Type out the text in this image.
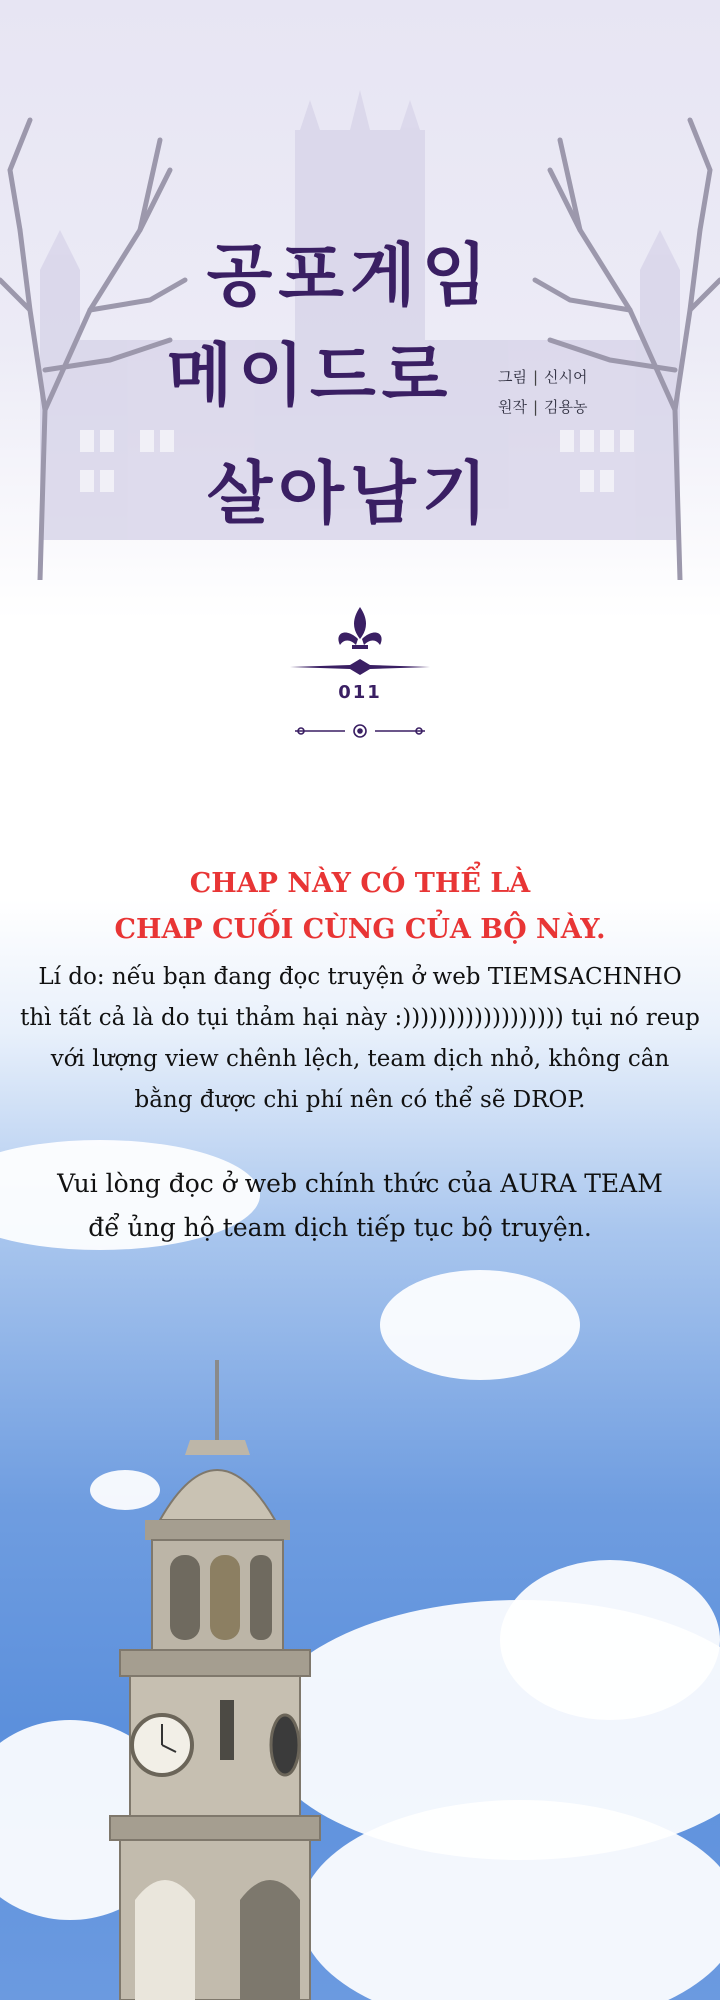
공포게임
메이드로
살아남기
그림 | 신시어
원작 | 김용농
011
CHAP NÀY CÓ THỂ LÀ
CHAP CUỐI CÙNG CỦA BỘ NÀY.
Lí do: nếu bạn đang đọc truyện ở web TIEMSACHNHO
thì tất cả là do tụi thảm hại này :)))))))))))))))))) tụi nó reup
với lượng view chênh lệch, team dịch nhỏ, không cân
bằng được chi phí nên có thể sẽ DROP.
Vui lòng đọc ở web chính thức của AURA TEAM
để ủng hộ team dịch tiếp tục bộ truyện.
